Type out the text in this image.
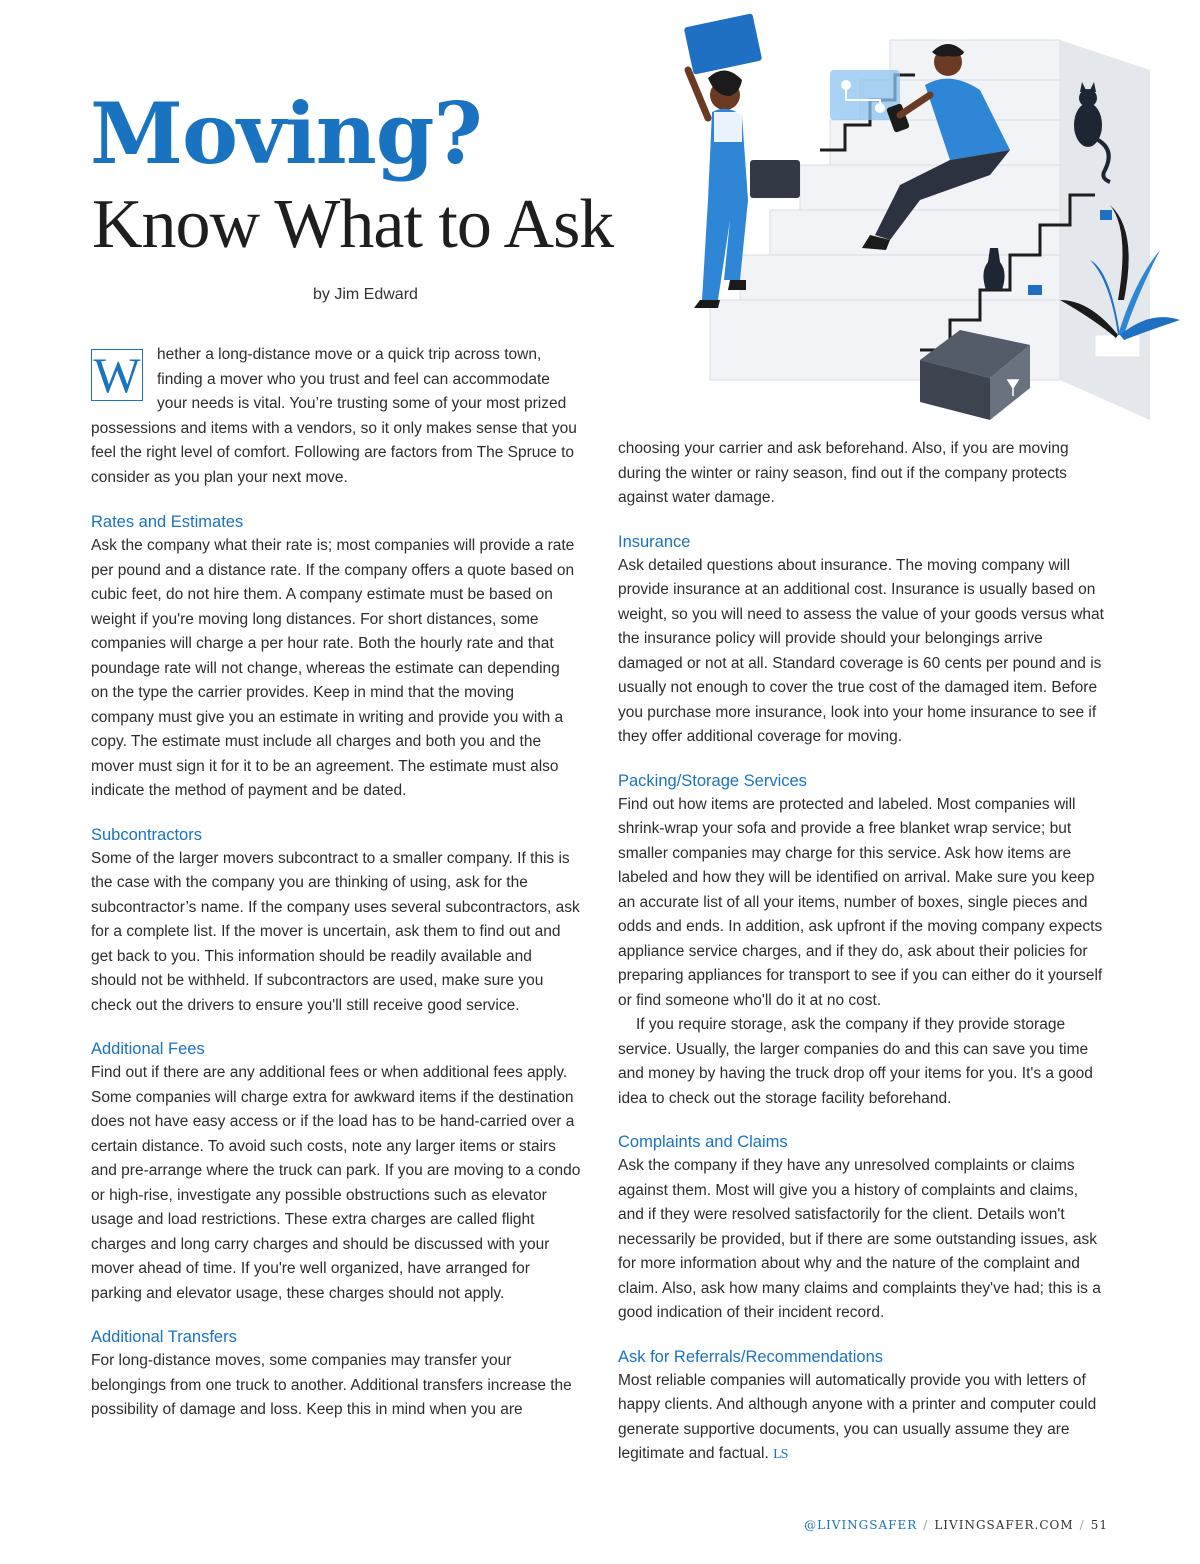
Moving?
Know What to Ask
by Jim Edward

W hether a long-distance move or a quick trip across town, finding a mover who you trust and feel can accommodate your needs is vital. You’re trusting some of your most prized possessions and items with a vendors, so it only makes sense that you feel the right level of comfort. Following are factors from The Spruce to consider as you plan your next move.

Rates and Estimates

Ask the company what their rate is; most companies will provide a rate per pound and a distance rate. If the company offers a quote based on cubic feet, do not hire them. A company estimate must be based on weight if you're moving long distances. For short distances, some companies will charge a per hour rate. Both the hourly rate and that poundage rate will not change, whereas the estimate can depending on the type the carrier provides. Keep in mind that the moving company must give you an estimate in writing and provide you with a copy. The estimate must include all charges and both you and the mover must sign it for it to be an agreement. The estimate must also indicate the method of payment and be dated.

Subcontractors

Some of the larger movers subcontract to a smaller company. If this is the case with the company you are thinking of using, ask for the subcontractor’s name. If the company uses several subcontractors, ask for a complete list. If the mover is uncertain, ask them to find out and get back to you. This information should be readily available and should not be withheld. If subcontractors are used, make sure you check out the drivers to ensure you'll still receive good service.

Additional Fees

Find out if there are any additional fees or when additional fees apply. Some companies will charge extra for awkward items if the destination does not have easy access or if the load has to be hand-carried over a certain distance. To avoid such costs, note any larger items or stairs and pre-arrange where the truck can park. If you are moving to a condo or high-rise, investigate any possible obstructions such as elevator usage and load restrictions. These extra charges are called flight charges and long carry charges and should be discussed with your mover ahead of time. If you're well organized, have arranged for parking and elevator usage, these charges should not apply.

Additional Transfers

For long-distance moves, some companies may transfer your belongings from one truck to another. Additional transfers increase the possibility of damage and loss. Keep this in mind when you are

choosing your carrier and ask beforehand. Also, if you are moving during the winter or rainy season, find out if the company protects against water damage.

Insurance

Ask detailed questions about insurance. The moving company will provide insurance at an additional cost. Insurance is usually based on weight, so you will need to assess the value of your goods versus what the insurance policy will provide should your belongings arrive damaged or not at all. Standard coverage is 60 cents per pound and is usually not enough to cover the true cost of the damaged item. Before you purchase more insurance, look into your home insurance to see if they offer additional coverage for moving.

Packing/Storage Services

Find out how items are protected and labeled. Most companies will shrink-wrap your sofa and provide a free blanket wrap service; but smaller companies may charge for this service. Ask how items are labeled and how they will be identified on arrival. Make sure you keep an accurate list of all your items, number of boxes, single pieces and odds and ends. In addition, ask upfront if the moving company expects appliance service charges, and if they do, ask about their policies for preparing appliances for transport to see if you can either do it yourself or find someone who'll do it at no cost.

If you require storage, ask the company if they provide storage service. Usually, the larger companies do and this can save you time and money by having the truck drop off your items for you. It's a good idea to check out the storage facility beforehand.

Complaints and Claims

Ask the company if they have any unresolved complaints or claims against them. Most will give you a history of complaints and claims, and if they were resolved satisfactorily for the client. Details won't necessarily be provided, but if there are some outstanding issues, ask for more information about why and the nature of the complaint and claim. Also, ask how many claims and complaints they've had; this is a good indication of their incident record.

Ask for Referrals/Recommendations

Most reliable companies will automatically provide you with letters of happy clients. And although anyone with a printer and computer could generate supportive documents, you can usually assume they are legitimate and factual. LS

@LIVINGSAFER / LIVINGSAFER.COM / 51
